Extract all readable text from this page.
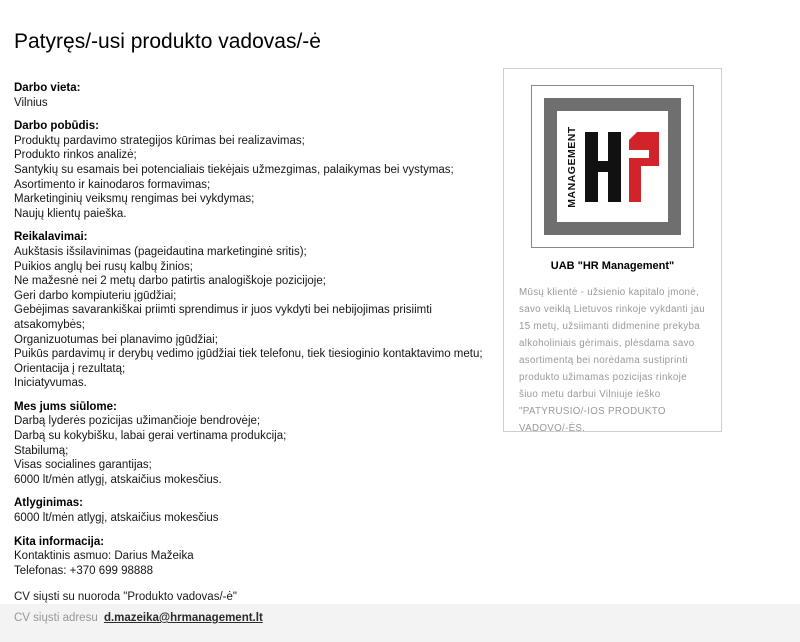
Patyręs/-usi produkto vadovas/-ė
Darbo vieta:
Vilnius
Darbo pobūdis:
Produktų pardavimo strategijos kūrimas bei realizavimas;
Produkto rinkos analizė;
Santykių su esamais bei potencialiais tiekėjais užmezgimas, palaikymas bei vystymas;
Asortimento ir kainodaros formavimas;
Marketinginių veiksmų rengimas bei vykdymas;
Naujų klientų paieška.
Reikalavimai:
Aukštasis išsilavinimas (pageidautina marketinginė sritis);
Puikios anglų bei rusų kalbų žinios;
Ne mažesnė nei 2 metų darbo patirtis analogiškoje pozicijoje;
Geri darbo kompiuteriu įgūdžiai;
Gebėjimas savarankiškai priimti sprendimus ir juos vykdyti bei nebijojimas prisiimti
atsakomybės;
Organizuotumas bei planavimo įgūdžiai;
Puikūs pardavimų ir derybų vedimo įgūdžiai tiek telefonu, tiek tiesioginio kontaktavimo metu;
Orientacija į rezultatą;
Iniciatyvumas.
Mes jums siūlome:
Darbą lyderės pozicijas užimančioje bendrovėje;
Darbą su kokybišku, labai gerai vertinama produkcija;
Stabilumą;
Visas socialines garantijas;
6000 lt/mėn atlygį, atskaičius mokesčius.
Atlyginimas:
6000 lt/mėn atlygį, atskaičius mokesčius
Kita informacija:
Kontaktinis asmuo: Darius Mažeika
Telefonas: +370 699 98888
CV siųsti su nuoroda "Produkto vadovas/-ė"
MANAGEMENT
UAB "HR Management"
Mūsų klientė - užsienio kapitalo įmonė, savo veiklą Lietuvos rinkoje vykdanti jau 15 metų, užsiimanti didmenine prekyba alkoholiniais gėrimais, plėsdama savo asortimentą bei norėdama sustiprinti produkto užimamas pozicijas rinkoje šiuo metu darbui Vilniuje ieško "PATYRUSIO/-IOS PRODUKTO VADOVO/-ĖS.
CV siųsti adresu d.mazeika@hrmanagement.lt
